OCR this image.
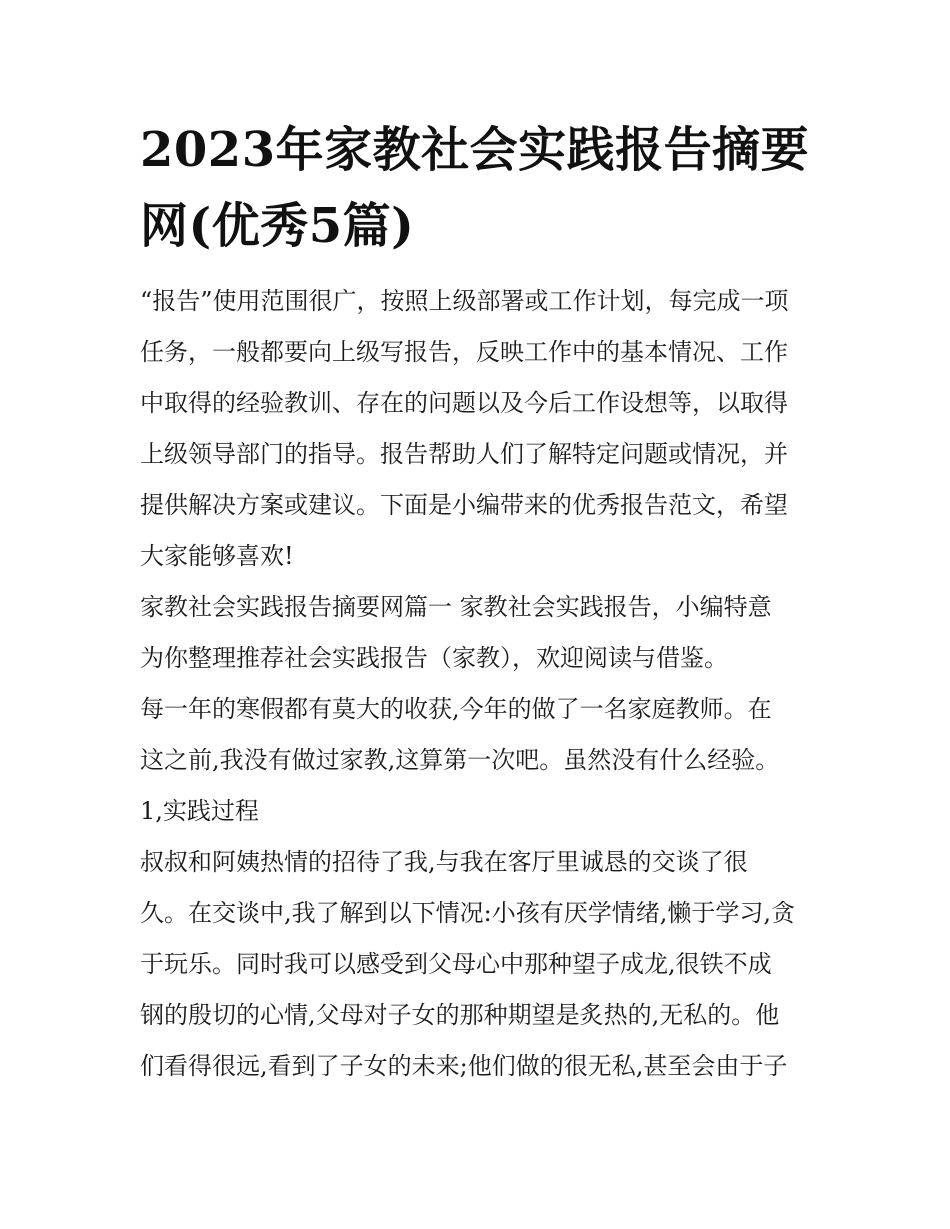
2023年家教社会实践报告摘要
网(优秀5篇)
“报告”使用范围很广，按照上级部署或工作计划，每完成一项
任务，一般都要向上级写报告，反映工作中的基本情况、工作
中取得的经验教训、存在的问题以及今后工作设想等，以取得
上级领导部门的指导。报告帮助人们了解特定问题或情况，并
提供解决方案或建议。下面是小编带来的优秀报告范文，希望
大家能够喜欢!
家教社会实践报告摘要网篇一 家教社会实践报告，小编特意
为你整理推荐社会实践报告（家教），欢迎阅读与借鉴。
每一年的寒假都有莫大的收获,今年的做了一名家庭教师。在
这之前,我没有做过家教,这算第一次吧。虽然没有什么经验。
1,实践过程
叔叔和阿姨热情的招待了我,与我在客厅里诚恳的交谈了很
久。在交谈中,我了解到以下情况:小孩有厌学情绪,懒于学习,贪
于玩乐。同时我可以感受到父母心中那种望子成龙,很铁不成
钢的殷切的心情,父母对子女的那种期望是炙热的,无私的。他
们看得很远,看到了子女的未来;他们做的很无私,甚至会由于子
